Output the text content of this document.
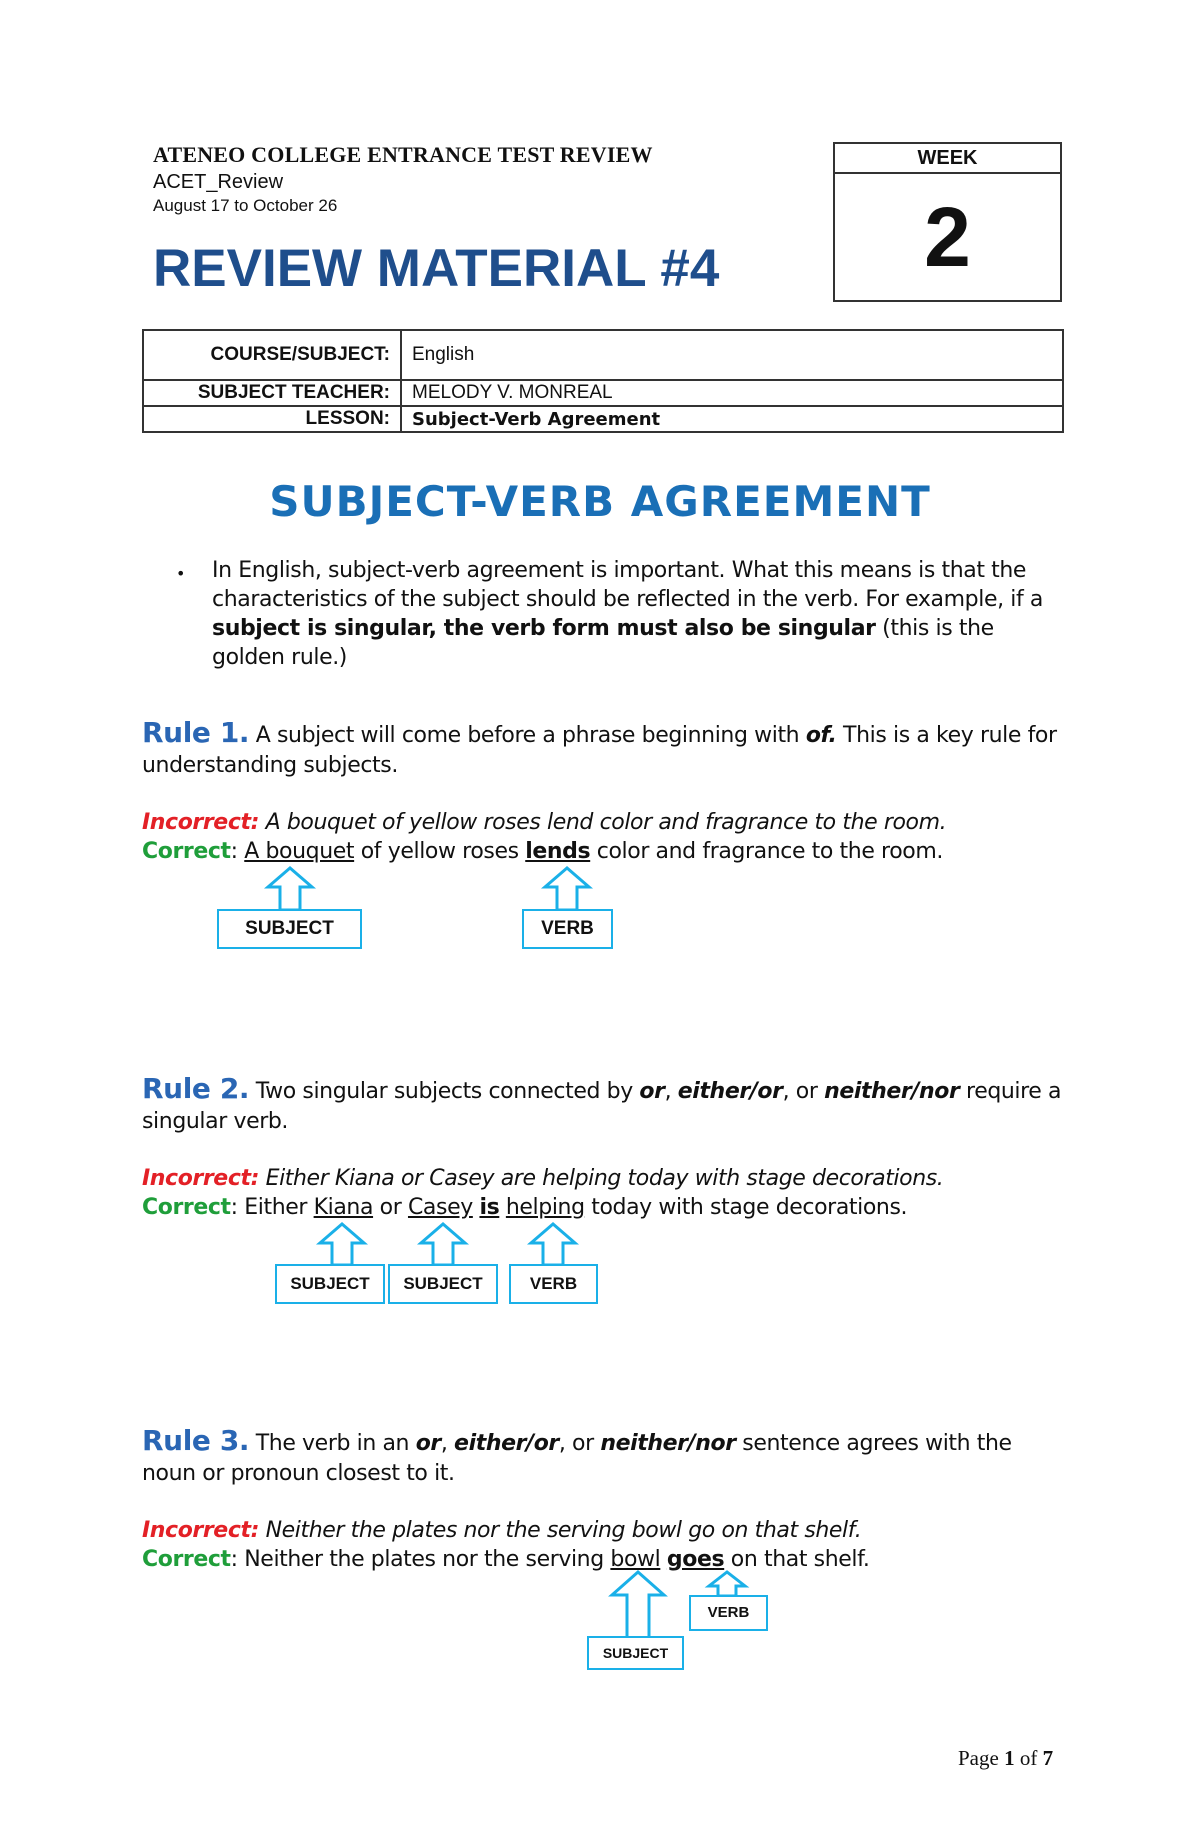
ATENEO COLLEGE ENTRANCE TEST REVIEW
ACET_Review
August 17 to October 26
REVIEW MATERIAL #4
WEEK
2
COURSE/SUBJECT:	English
SUBJECT TEACHER:	MELODY V. MONREAL
LESSON:	Subject-Verb Agreement
SUBJECT-VERB AGREEMENT
• In English, subject-verb agreement is important. What this means is that the characteristics of the subject should be reflected in the verb. For example, if a subject is singular, the verb form must also be singular (this is the golden rule.)
Rule 1. A subject will come before a phrase beginning with of. This is a key rule for understanding subjects.
Incorrect: A bouquet of yellow roses lend color and fragrance to the room.
Correct: A bouquet of yellow roses lends color and fragrance to the room.
SUBJECT	VERB
Rule 2. Two singular subjects connected by or, either/or, or neither/nor require a singular verb.
Incorrect: Either Kiana or Casey are helping today with stage decorations.
Correct: Either Kiana or Casey is helping today with stage decorations.
SUBJECT	SUBJECT	VERB
Rule 3. The verb in an or, either/or, or neither/nor sentence agrees with the noun or pronoun closest to it.
Incorrect: Neither the plates nor the serving bowl go on that shelf.
Correct: Neither the plates nor the serving bowl goes on that shelf.
VERB
SUBJECT
Page 1 of 7
